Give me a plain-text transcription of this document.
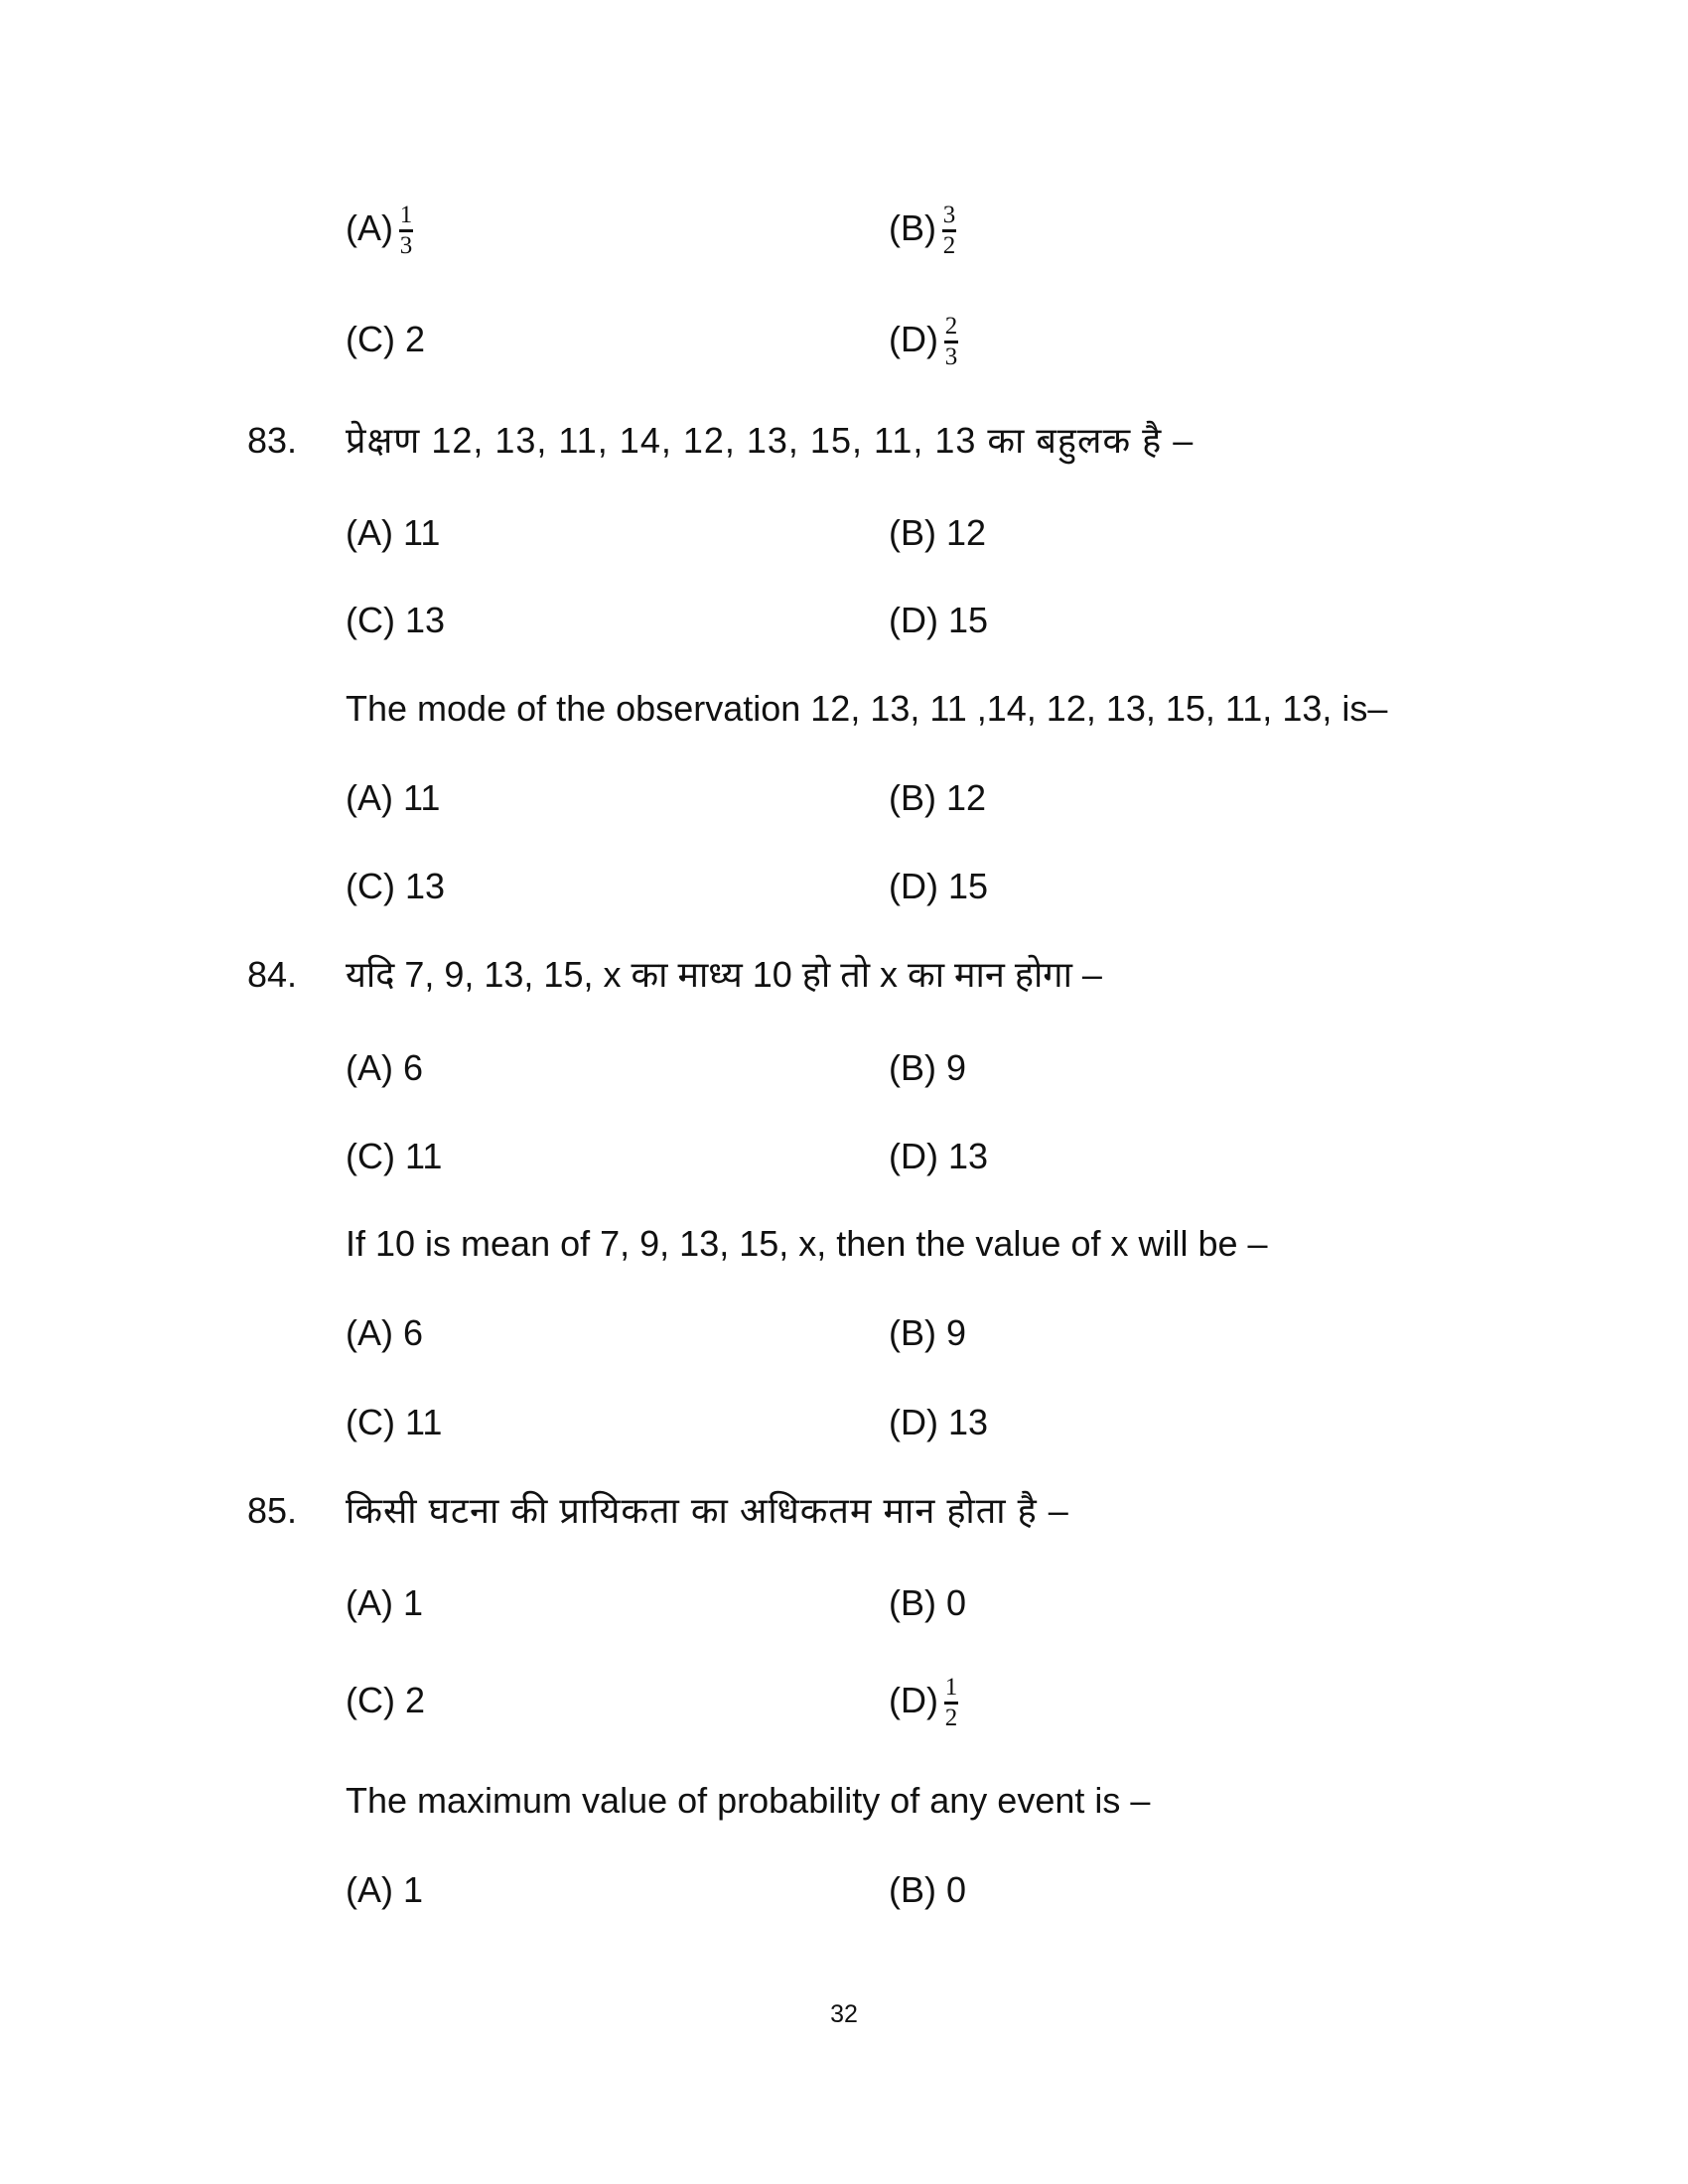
$(A) \frac{1}{3}$	$(B) \frac{3}{2}$
(C) 2	$(D) \frac{2}{3}$
83. प्रेक्षण 12, 13, 11, 14, 12, 13, 15, 11, 13 का बहुलक है –
(A) 11	(B) 12
(C) 13	(D) 15
The mode of the observation 12, 13, 11 ,14, 12, 13, 15, 11, 13, is–
(A) 11	(B) 12
(C) 13	(D) 15
84. यदि 7, 9, 13, 15, x का माध्य 10 हो तो x का मान होगा –
(A) 6	(B) 9
(C) 11	(D) 13
If 10 is mean of 7, 9, 13, 15, x, then the value of x will be –
(A) 6	(B) 9
(C) 11	(D) 13
85. किसी घटना की प्रायिकता का अधिकतम मान होता है –
(A) 1	(B) 0
(C) 2	$(D) \frac{1}{2}$
The maximum value of probability of any event is –
(A) 1	(B) 0
32
